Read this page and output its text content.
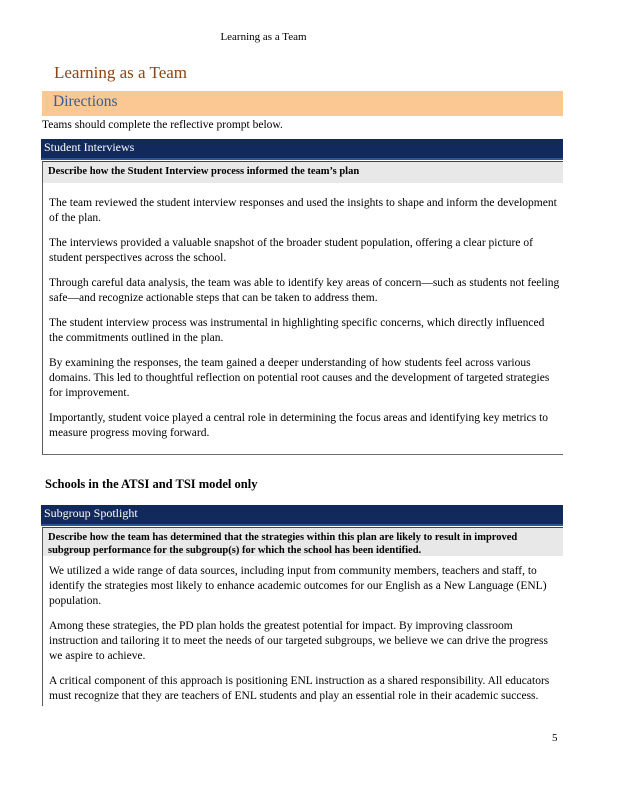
Learning as a Team
Learning as a Team
Directions
Teams should complete the reflective prompt below.
Student Interviews
Describe how the Student Interview process informed the team’s plan

The team reviewed the student interview responses and used the insights to shape and inform the development of the plan.

The interviews provided a valuable snapshot of the broader student population, offering a clear picture of student perspectives across the school.

Through careful data analysis, the team was able to identify key areas of concern—such as students not feeling safe—and recognize actionable steps that can be taken to address them.

The student interview process was instrumental in highlighting specific concerns, which directly influenced the commitments outlined in the plan.

By examining the responses, the team gained a deeper understanding of how students feel across various domains. This led to thoughtful reflection on potential root causes and the development of targeted strategies for improvement.

Importantly, student voice played a central role in determining the focus areas and identifying key metrics to measure progress moving forward.

Schools in the ATSI and TSI model only
Subgroup Spotlight
Describe how the team has determined that the strategies within this plan are likely to result in improved subgroup performance for the subgroup(s) for which the school has been identified.

We utilized a wide range of data sources, including input from community members, teachers and staff, to identify the strategies most likely to enhance academic outcomes for our English as a New Language (ENL) population.

Among these strategies, the PD plan holds the greatest potential for impact. By improving classroom instruction and tailoring it to meet the needs of our targeted subgroups, we believe we can drive the progress we aspire to achieve.

A critical component of this approach is positioning ENL instruction as a shared responsibility. All educators must recognize that they are teachers of ENL students and play an essential role in their academic success.

5
